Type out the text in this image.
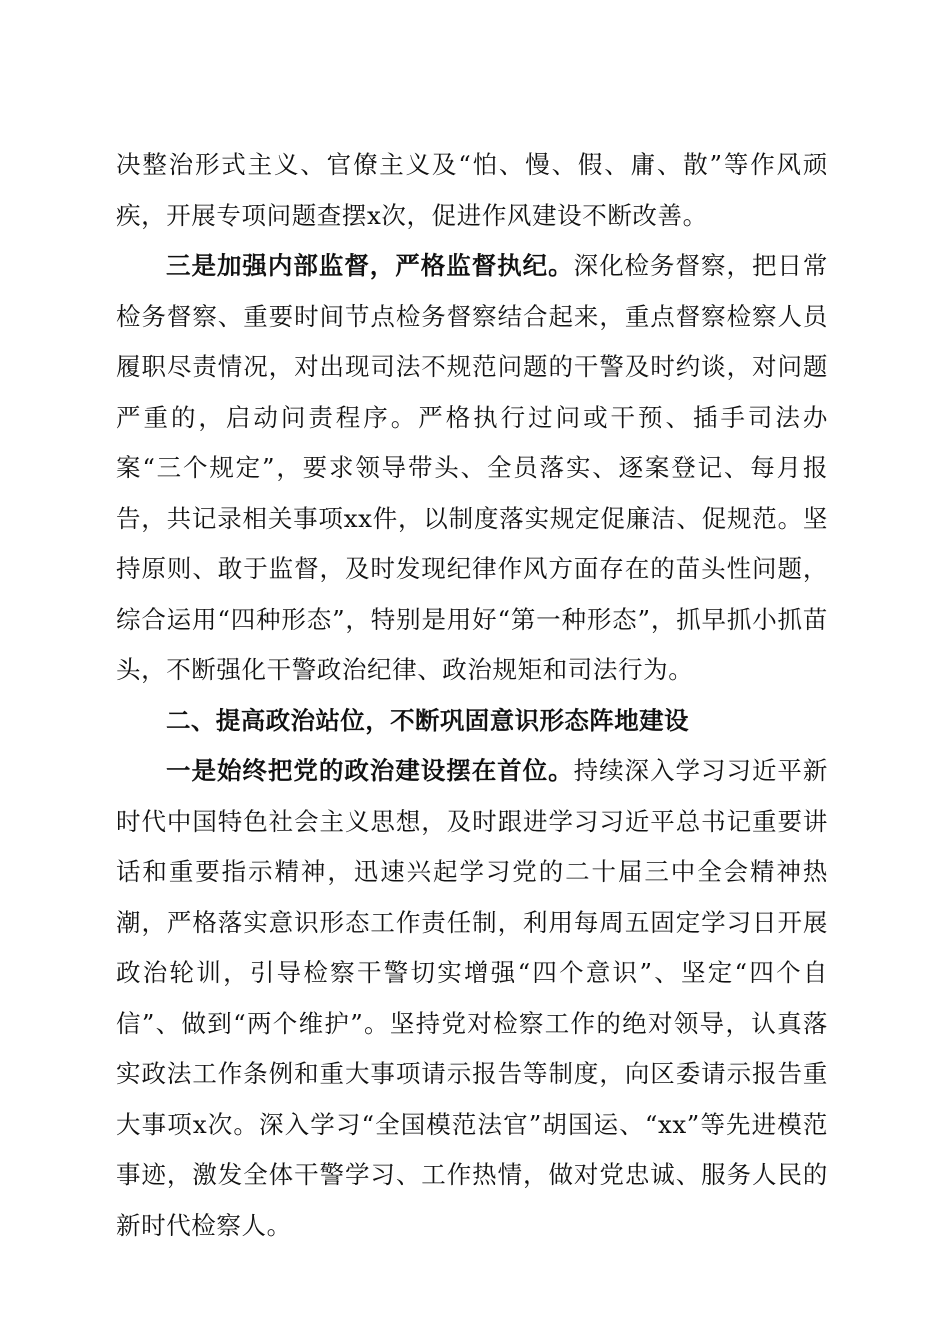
决整治形式主义、官僚主义及“怕、慢、假、庸、散”等作风顽疾，开展专项问题查摆x次，促进作风建设不断改善。

三是加强内部监督，严格监督执纪。深化检务督察，把日常检务督察、重要时间节点检务督察结合起来，重点督察检察人员履职尽责情况，对出现司法不规范问题的干警及时约谈，对问题严重的，启动问责程序。严格执行过问或干预、插手司法办案“三个规定”，要求领导带头、全员落实、逐案登记、每月报告，共记录相关事项xx件，以制度落实规定促廉洁、促规范。坚持原则、敢于监督，及时发现纪律作风方面存在的苗头性问题，综合运用“四种形态”，特别是用好“第一种形态”，抓早抓小抓苗头，不断强化干警政治纪律、政治规矩和司法行为。

二、提高政治站位，不断巩固意识形态阵地建设

一是始终把党的政治建设摆在首位。持续深入学习习近平新时代中国特色社会主义思想，及时跟进学习习近平总书记重要讲话和重要指示精神，迅速兴起学习党的二十届三中全会精神热潮，严格落实意识形态工作责任制，利用每周五固定学习日开展政治轮训，引导检察干警切实增强“四个意识”、坚定“四个自信”、做到“两个维护”。坚持党对检察工作的绝对领导，认真落实政法工作条例和重大事项请示报告等制度，向区委请示报告重大事项x次。深入学习“全国模范法官”胡国运、“xx”等先进模范事迹，激发全体干警学习、工作热情，做对党忠诚、服务人民的新时代检察人。
